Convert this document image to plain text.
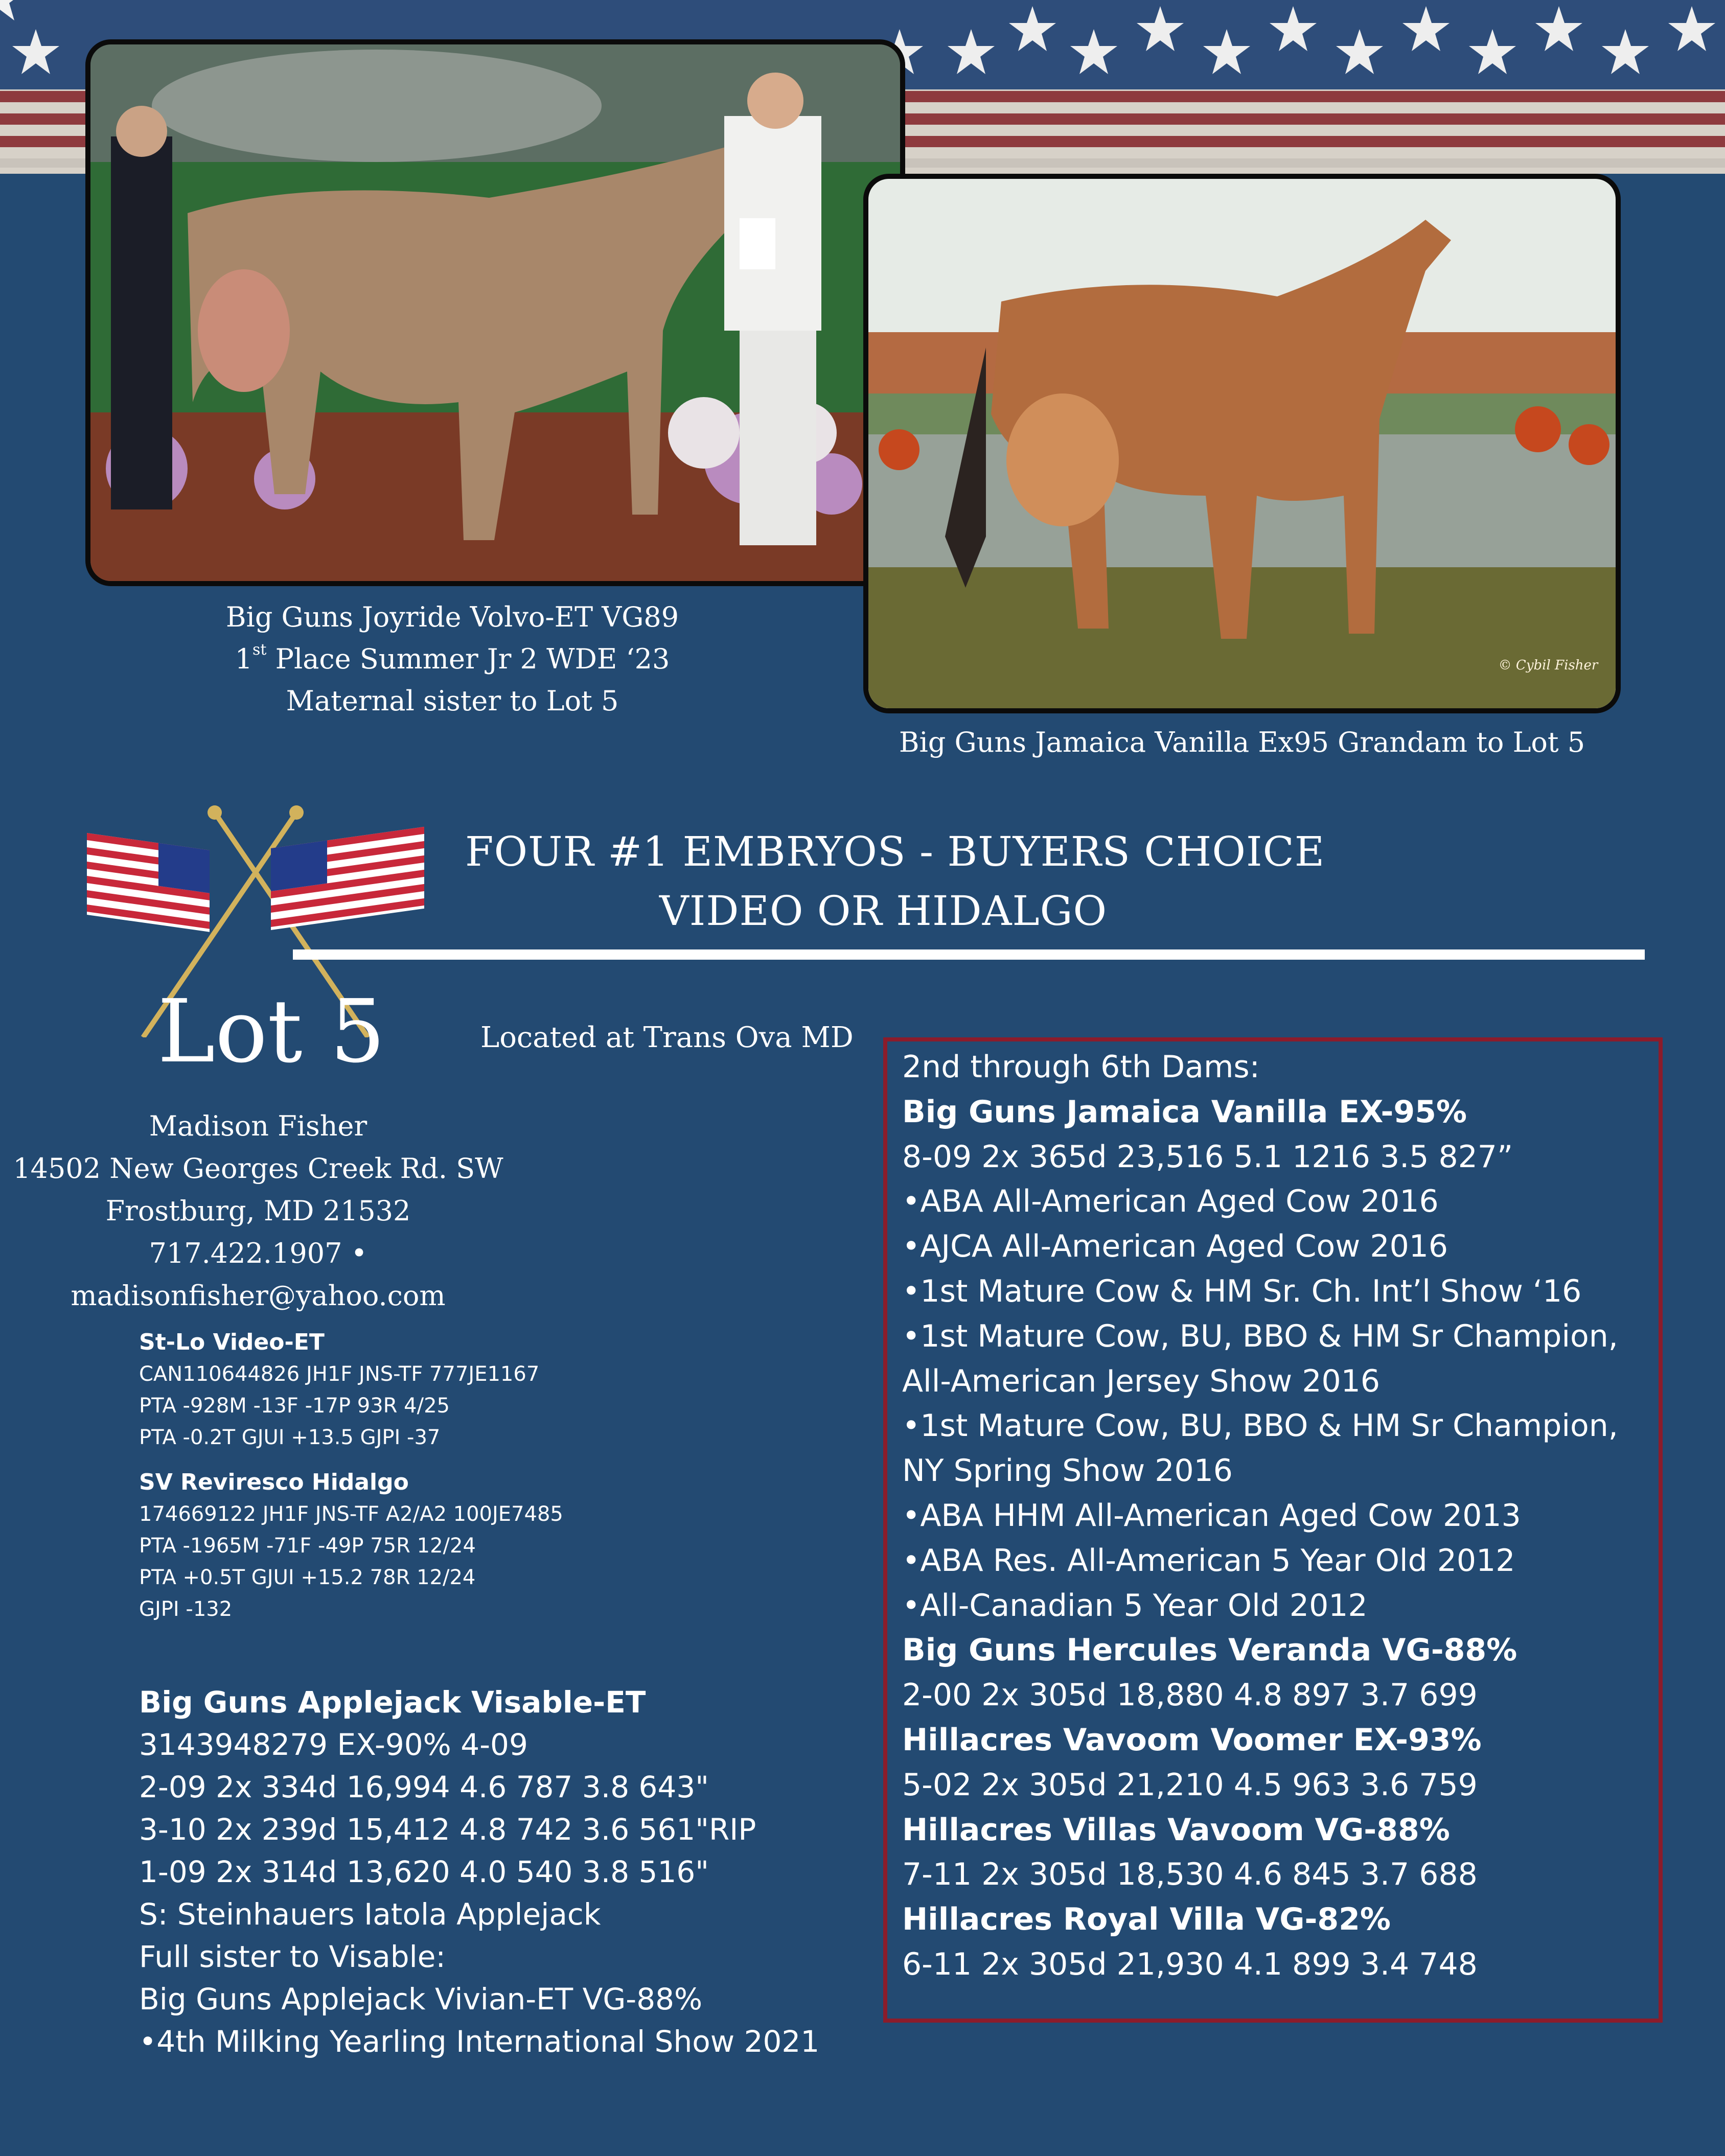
© Cybil Fisher
Big Guns Joyride Volvo-ET VG89
1st Place Summer Jr 2 WDE ‘23
Maternal sister to Lot 5
Big Guns Jamaica Vanilla Ex95 Grandam to Lot 5
FOUR #1 EMBRYOS - BUYERS CHOICE
VIDEO OR HIDALGO
Lot 5	Located at Trans Ova MD
Madison Fisher
14502 New Georges Creek Rd. SW
Frostburg, MD 21532
717.422.1907 •
madisonfisher@yahoo.com
St-Lo Video-ET
CAN110644826 JH1F JNS-TF 777JE1167
PTA -928M -13F -17P 93R 4/25
PTA -0.2T GJUI +13.5 GJPI -37
SV Reviresco Hidalgo
174669122 JH1F JNS-TF A2/A2 100JE7485
PTA -1965M -71F -49P 75R 12/24
PTA +0.5T GJUI +15.2 78R 12/24
GJPI -132
Big Guns Applejack Visable-ET
3143948279 EX-90% 4-09
2-09 2x 334d 16,994 4.6 787 3.8 643"
3-10 2x 239d 15,412 4.8 742 3.6 561"RIP
1-09 2x 314d 13,620 4.0 540 3.8 516"
S: Steinhauers Iatola Applejack
Full sister to Visable:
Big Guns Applejack Vivian-ET VG-88%
•4th Milking Yearling International Show 2021
2nd through 6th Dams:
Big Guns Jamaica Vanilla EX-95%
8-09 2x 365d 23,516 5.1 1216 3.5 827”
•ABA All-American Aged Cow 2016
•AJCA All-American Aged Cow 2016
•1st Mature Cow & HM Sr. Ch. Int’l Show ‘16
•1st Mature Cow, BU, BBO & HM Sr Champion,
All-American Jersey Show 2016
•1st Mature Cow, BU, BBO & HM Sr Champion,
NY Spring Show 2016
•ABA HHM All-American Aged Cow 2013
•ABA Res. All-American 5 Year Old 2012
•All-Canadian 5 Year Old 2012
Big Guns Hercules Veranda VG-88%
2-00 2x 305d 18,880 4.8 897 3.7 699
Hillacres Vavoom Voomer EX-93%
5-02 2x 305d 21,210 4.5 963 3.6 759
Hillacres Villas Vavoom VG-88%
7-11 2x 305d 18,530 4.6 845 3.7 688
Hillacres Royal Villa VG-82%
6-11 2x 305d 21,930 4.1 899 3.4 748
